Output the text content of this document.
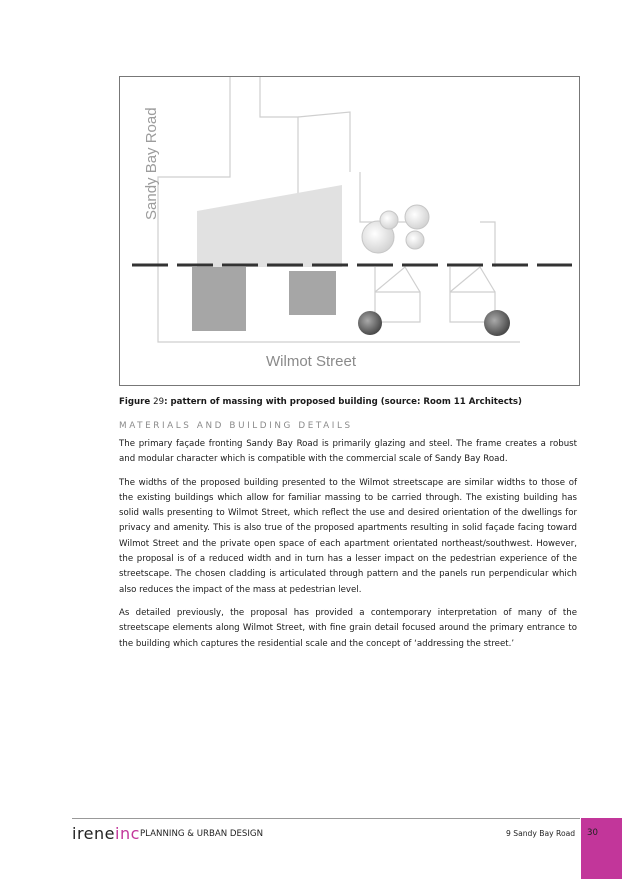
Sandy Bay Road
Wilmot Street
Figure 29: pattern of massing with proposed building (source: Room 11 Architects)
MATERIALS AND BUILDING DETAILS

The primary façade fronting Sandy Bay Road is primarily glazing and steel. The frame creates a robust and modular character which is compatible with the commercial scale of Sandy Bay Road.

The widths of the proposed building presented to the Wilmot streetscape are similar widths to those of the existing buildings which allow for familiar massing to be carried through. The existing building has solid walls presenting to Wilmot Street, which reflect the use and desired orientation of the dwellings for privacy and amenity. This is also true of the proposed apartments resulting in solid façade facing toward Wilmot Street and the private open space of each apartment orientated northeast/southwest. However, the proposal is of a reduced width and in turn has a lesser impact on the pedestrian experience of the streetscape. The chosen cladding is articulated through pattern and the panels run perpendicular which also reduces the impact of the mass at pedestrian level.

As detailed previously, the proposal has provided a contemporary interpretation of many of the streetscape elements along Wilmot Street, with fine grain detail focused around the primary entrance to the building which captures the residential scale and the concept of ‘addressing the street.’

ireneinc PLANNING & URBAN DESIGN	9 Sandy Bay Road 30
